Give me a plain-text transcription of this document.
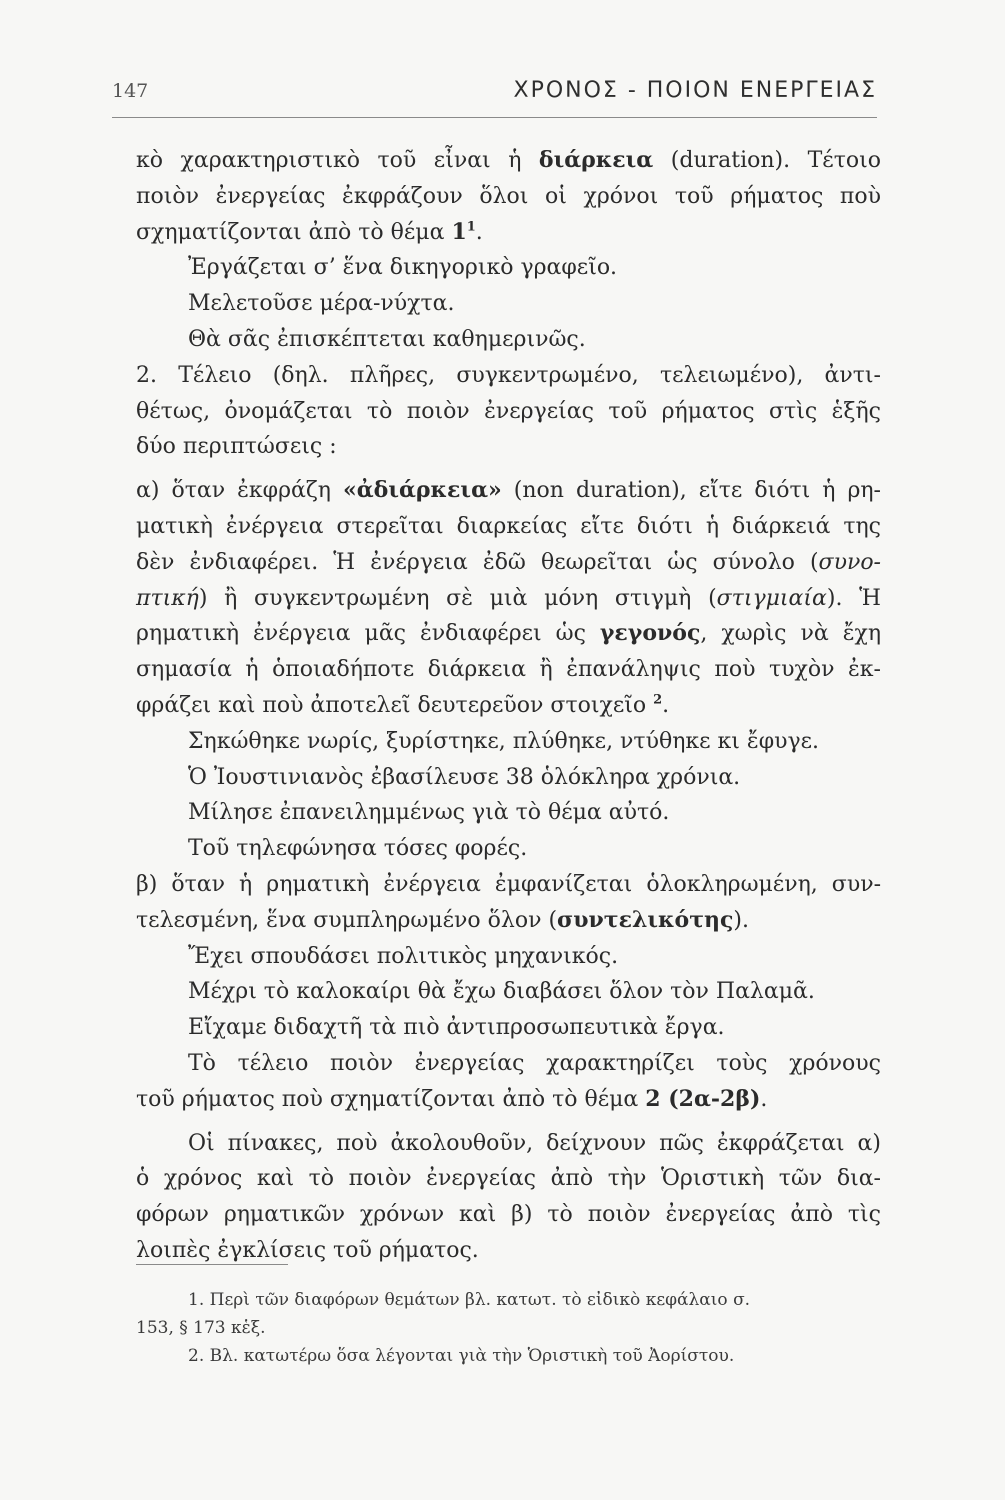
147	ΧΡΟΝΟΣ - ΠΟΙΟΝ ΕΝΕΡΓΕΙΑΣ
κὸ χαρακτηριστικὸ τοῦ εἶναι ἡ διάρκεια (duration). Τέτοιο
ποιὸν ἐνεργείας ἐκφράζουν ὅλοι οἱ χρόνοι τοῦ ρήματος ποὺ
σχηματίζονται ἀπὸ τὸ θέμα $1^1$.
Ἐργάζεται σ’ ἕνα δικηγορικὸ γραφεῖο.
Μελετοῦσε μέρα-νύχτα.
Θὰ σᾶς ἐπισκέπτεται καθημερινῶς.
2. Τέλειο (δηλ. πλῆρες, συγκεντρωμένο, τελειωμένο), ἀντι-
θέτως, ὀνομάζεται τὸ ποιὸν ἐνεργείας τοῦ ρήματος στὶς ἑξῆς
δύο περιπτώσεις :
α) ὅταν ἐκφράζη «ἀδιάρκεια» (non duration), εἴτε διότι ἡ ρη-
ματικὴ ἐνέργεια στερεῖται διαρκείας εἴτε διότι ἡ διάρκειά της
δὲν ἐνδιαφέρει. Ἡ ἐνέργεια ἐδῶ θεωρεῖται ὡς σύνολο (συνο-
πτική) ἢ συγκεντρωμένη σὲ μιὰ μόνη στιγμὴ (στιγμιαία). Ἡ
ρηματικὴ ἐνέργεια μᾶς ἐνδιαφέρει ὡς γεγονός, χωρὶς νὰ ἔχη
σημασία ἡ ὁποιαδήποτε διάρκεια ἢ ἐπανάληψις ποὺ τυχὸν ἐκ-
φράζει καὶ ποὺ ἀποτελεῖ δευτερεῦον στοιχεῖο $^2$.
Σηκώθηκε νωρίς, ξυρίστηκε, πλύθηκε, ντύθηκε κι ἔφυγε.
Ὁ Ἰουστινιανὸς ἐβασίλευσε 38 ὁλόκληρα χρόνια.
Μίλησε ἐπανειλημμένως γιὰ τὸ θέμα αὐτό.
Τοῦ τηλεφώνησα τόσες φορές.
β) ὅταν ἡ ρηματικὴ ἐνέργεια ἐμφανίζεται ὁλοκληρωμένη, συν-
τελεσμένη, ἕνα συμπληρωμένο ὅλον (συντελικότης).
Ἔχει σπουδάσει πολιτικὸς μηχανικός.
Μέχρι τὸ καλοκαίρι θὰ ἔχω διαβάσει ὅλον τὸν Παλαμᾶ.
Εἴχαμε διδαχτῆ τὰ πιὸ ἀντιπροσωπευτικὰ ἔργα.
Τὸ τέλειο ποιὸν ἐνεργείας χαρακτηρίζει τοὺς χρόνους
τοῦ ρήματος ποὺ σχηματίζονται ἀπὸ τὸ θέμα 2 (2α-2β).
Οἱ πίνακες, ποὺ ἀκολουθοῦν, δείχνουν πῶς ἐκφράζεται α)
ὁ χρόνος καὶ τὸ ποιὸν ἐνεργείας ἀπὸ τὴν Ὁριστικὴ τῶν δια-
φόρων ρηματικῶν χρόνων καὶ β) τὸ ποιὸν ἐνεργείας ἀπὸ τὶς
λοιπὲς ἐγκλίσεις τοῦ ρήματος.
1. Περὶ τῶν διαφόρων θεμάτων βλ. κατωτ. τὸ εἰδικὸ κεφάλαιο σ.
153, § 173 κἑξ.
2. Βλ. κατωτέρω ὅσα λέγονται γιὰ τὴν Ὁριστικὴ τοῦ Ἀορίστου.
